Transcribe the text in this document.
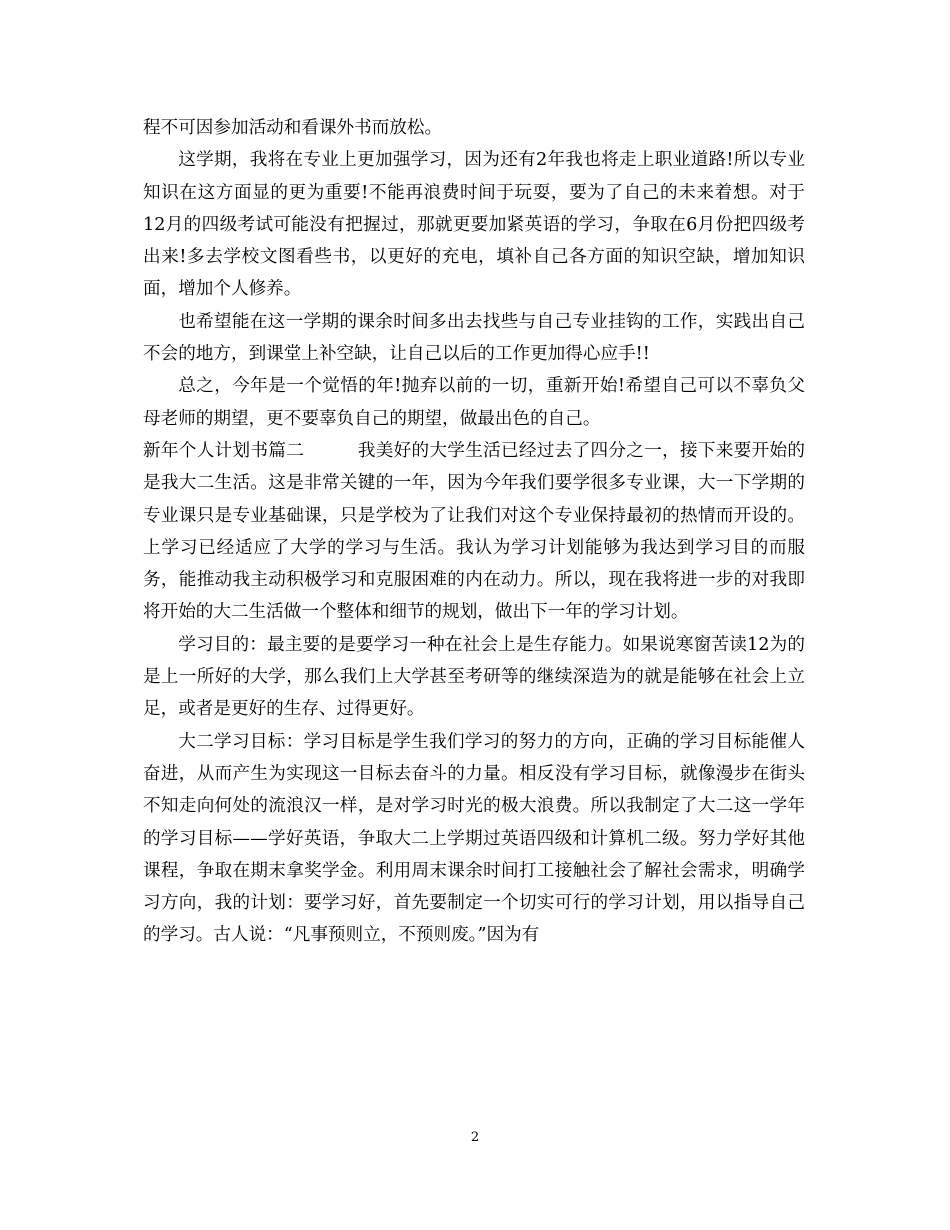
程不可因参加活动和看课外书而放松。

这学期，我将在专业上更加强学习，因为还有2年我也将走上职业道路!所以专业知识在这方面显的更为重要!不能再浪费时间于玩耍，要为了自己的未来着想。对于12月的四级考试可能没有把握过，那就更要加紧英语的学习，争取在6月份把四级考出来!多去学校文图看些书，以更好的充电，填补自己各方面的知识空缺，增加知识面，增加个人修养。

也希望能在这一学期的课余时间多出去找些与自己专业挂钩的工作，实践出自己不会的地方，到课堂上补空缺，让自己以后的工作更加得心应手!!

总之，今年是一个觉悟的年!抛弃以前的一切，重新开始!希望自己可以不辜负父母老师的期望，更不要辜负自己的期望，做最出色的自己。

新年个人计划书篇二　　　我美好的大学生活已经过去了四分之一，接下来要开始的是我大二生活。这是非常关键的一年，因为今年我们要学很多专业课，大一下学期的专业课只是专业基础课，只是学校为了让我们对这个专业保持最初的热情而开设的。上学习已经适应了大学的学习与生活。我认为学习计划能够为我达到学习目的而服务，能推动我主动积极学习和克服困难的内在动力。所以，现在我将进一步的对我即将开始的大二生活做一个整体和细节的规划，做出下一年的学习计划。

学习目的：最主要的是要学习一种在社会上是生存能力。如果说寒窗苦读12为的是上一所好的大学，那么我们上大学甚至考研等的继续深造为的就是能够在社会上立足，或者是更好的生存、过得更好。

大二学习目标：学习目标是学生我们学习的努力的方向，正确的学习目标能催人奋进，从而产生为实现这一目标去奋斗的力量。相反没有学习目标，就像漫步在街头不知走向何处的流浪汉一样，是对学习时光的极大浪费。所以我制定了大二这一学年的学习目标——学好英语，争取大二上学期过英语四级和计算机二级。努力学好其他课程，争取在期末拿奖学金。利用周末课余时间打工接触社会了解社会需求，明确学习方向，我的计划：要学习好，首先要制定一个切实可行的学习计划，用以指导自己的学习。古人说：“凡事预则立，不预则废。”因为有

2
